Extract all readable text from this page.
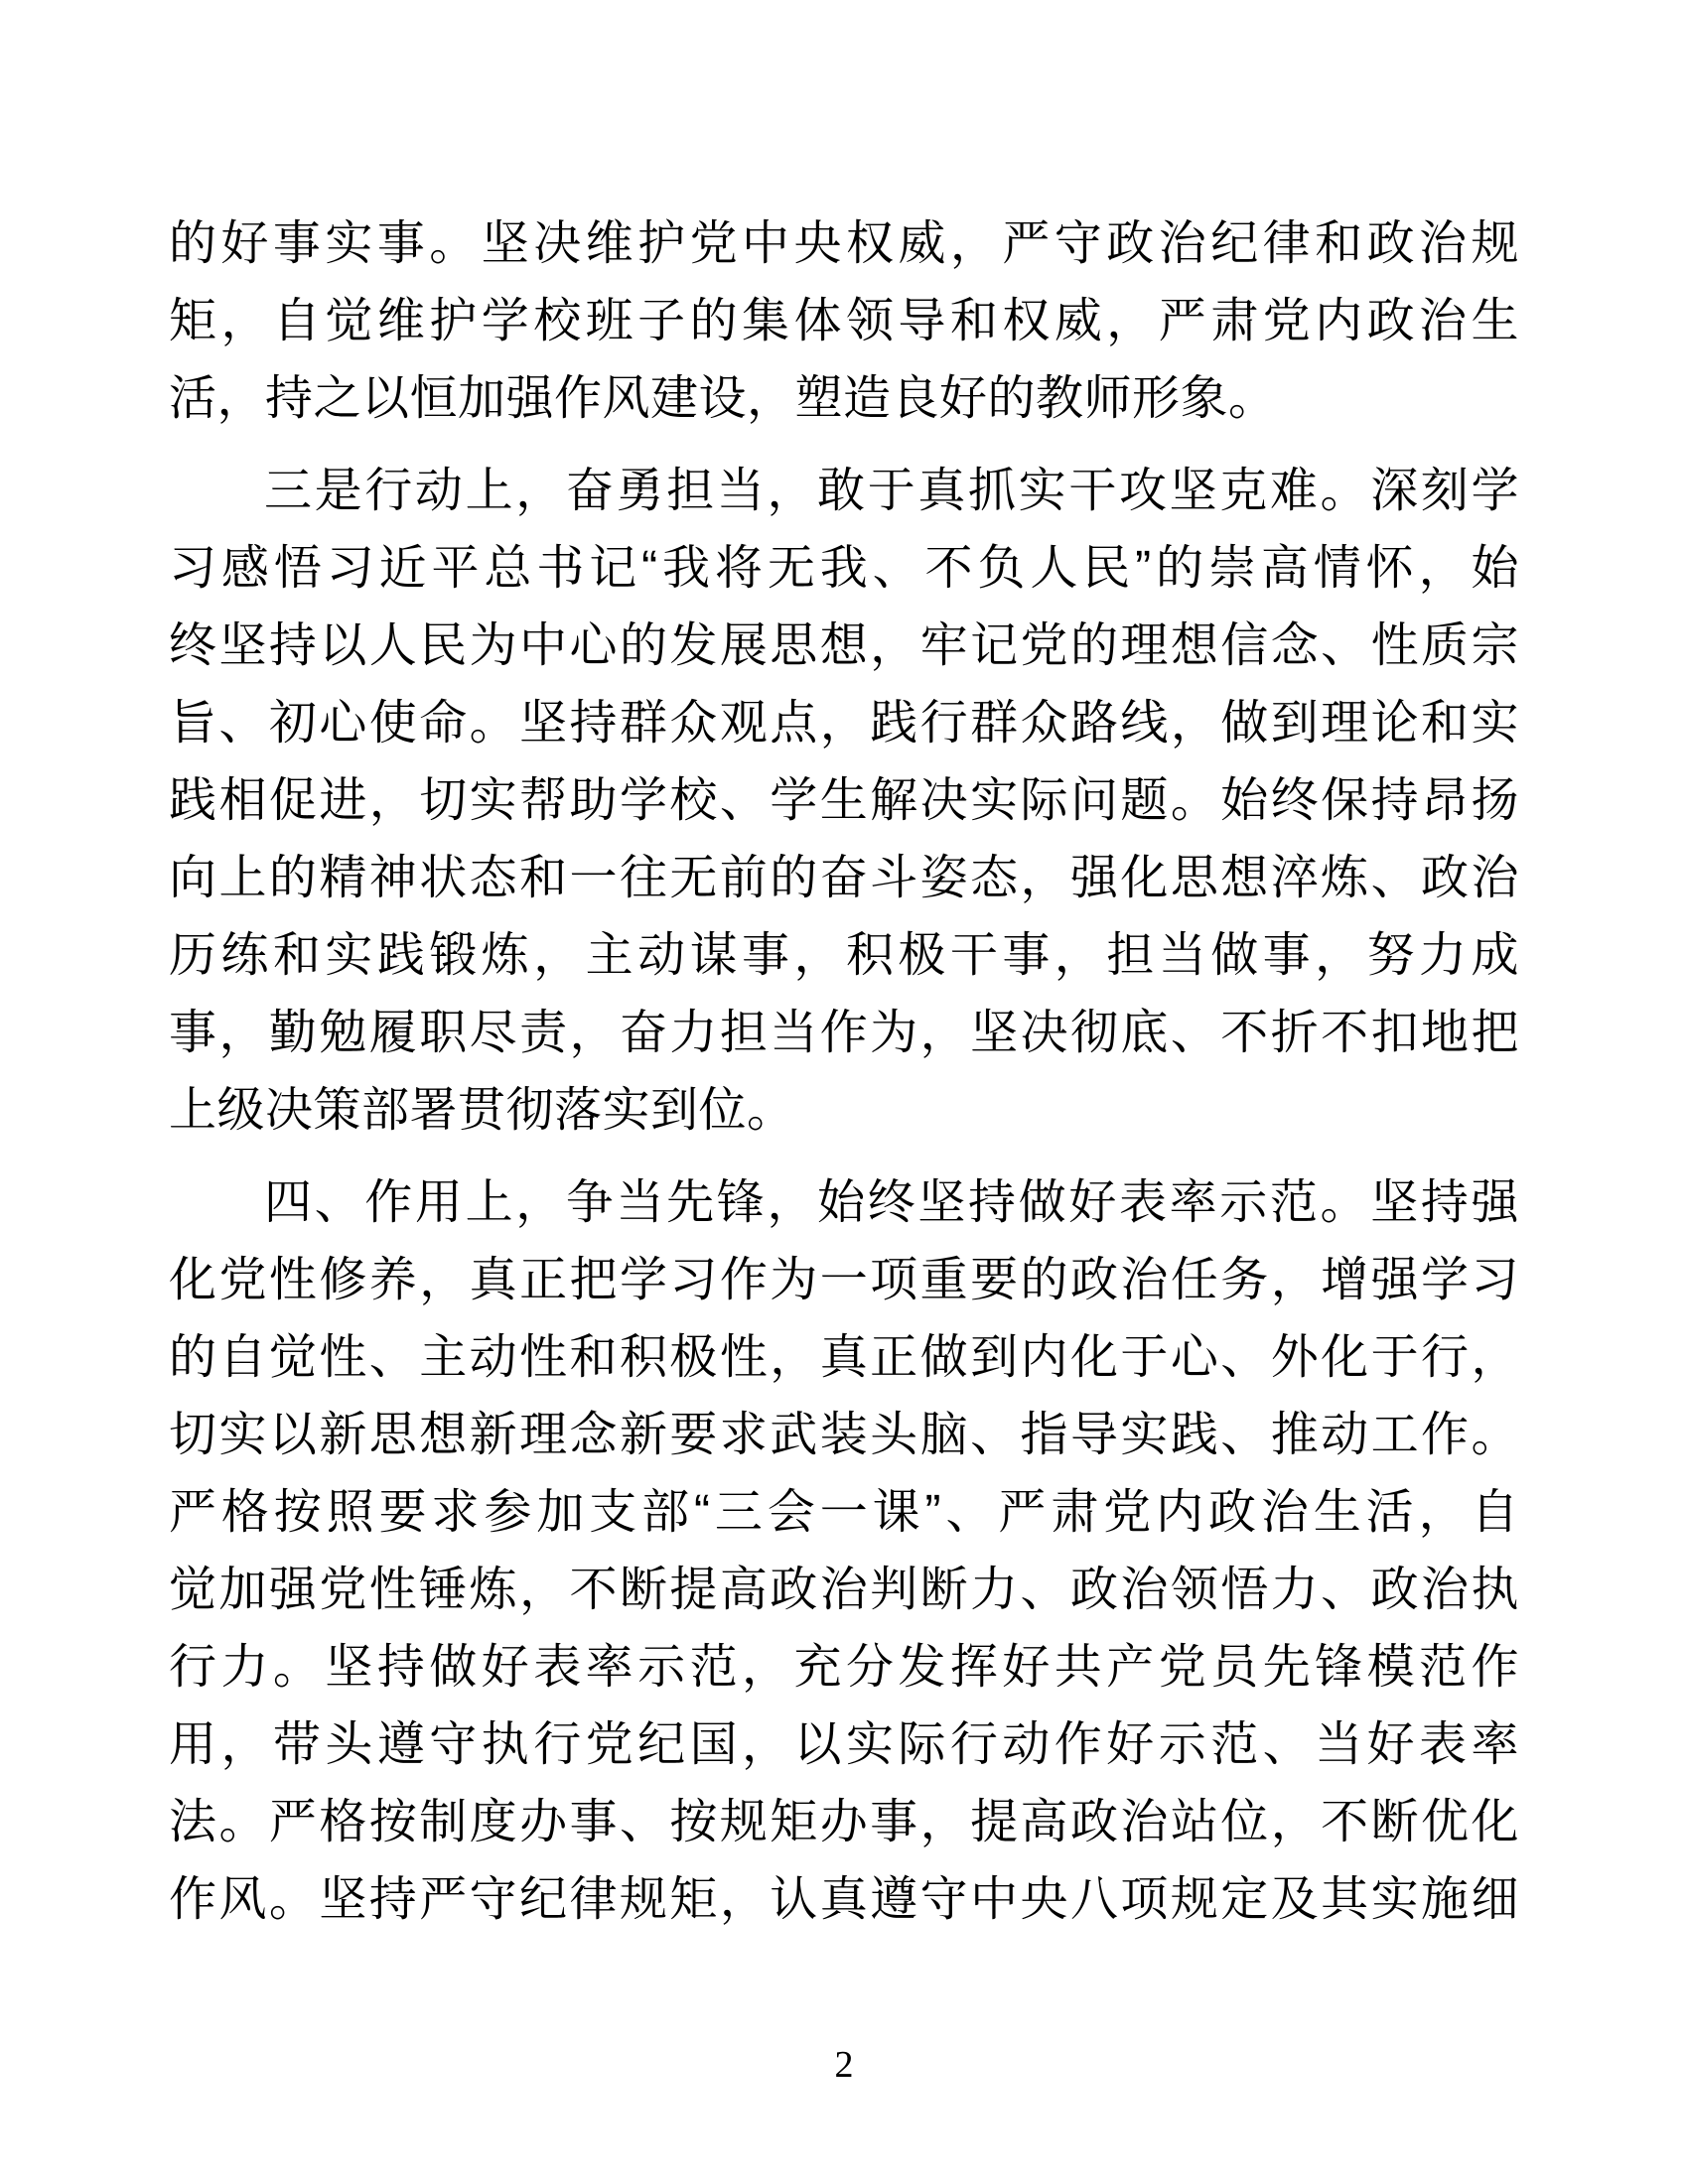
的好事实事。坚决维护党中央权威，严守政治纪律和政治规
矩，自觉维护学校班子的集体领导和权威，严肃党内政治生
活，持之以恒加强作风建设，塑造良好的教师形象。
三是行动上，奋勇担当，敢于真抓实干攻坚克难。深刻学
习感悟习近平总书记“我将无我、不负人民”的崇高情怀，始
终坚持以人民为中心的发展思想，牢记党的理想信念、性质宗
旨、初心使命。坚持群众观点，践行群众路线，做到理论和实
践相促进，切实帮助学校、学生解决实际问题。始终保持昂扬
向上的精神状态和一往无前的奋斗姿态，强化思想淬炼、政治
历练和实践锻炼，主动谋事，积极干事，担当做事，努力成
事，勤勉履职尽责，奋力担当作为，坚决彻底、不折不扣地把
上级决策部署贯彻落实到位。
四、作用上，争当先锋，始终坚持做好表率示范。坚持强
化党性修养，真正把学习作为一项重要的政治任务，增强学习
的自觉性、主动性和积极性，真正做到内化于心、外化于行，
切实以新思想新理念新要求武装头脑、指导实践、推动工作。
严格按照要求参加支部“三会一课”、严肃党内政治生活，自
觉加强党性锤炼，不断提高政治判断力、政治领悟力、政治执
行力。坚持做好表率示范，充分发挥好共产党员先锋模范作
用，带头遵守执行党纪国，以实际行动作好示范、当好表率
法。严格按制度办事、按规矩办事，提高政治站位，不断优化
作风。坚持严守纪律规矩，认真遵守中央八项规定及其实施细
2
